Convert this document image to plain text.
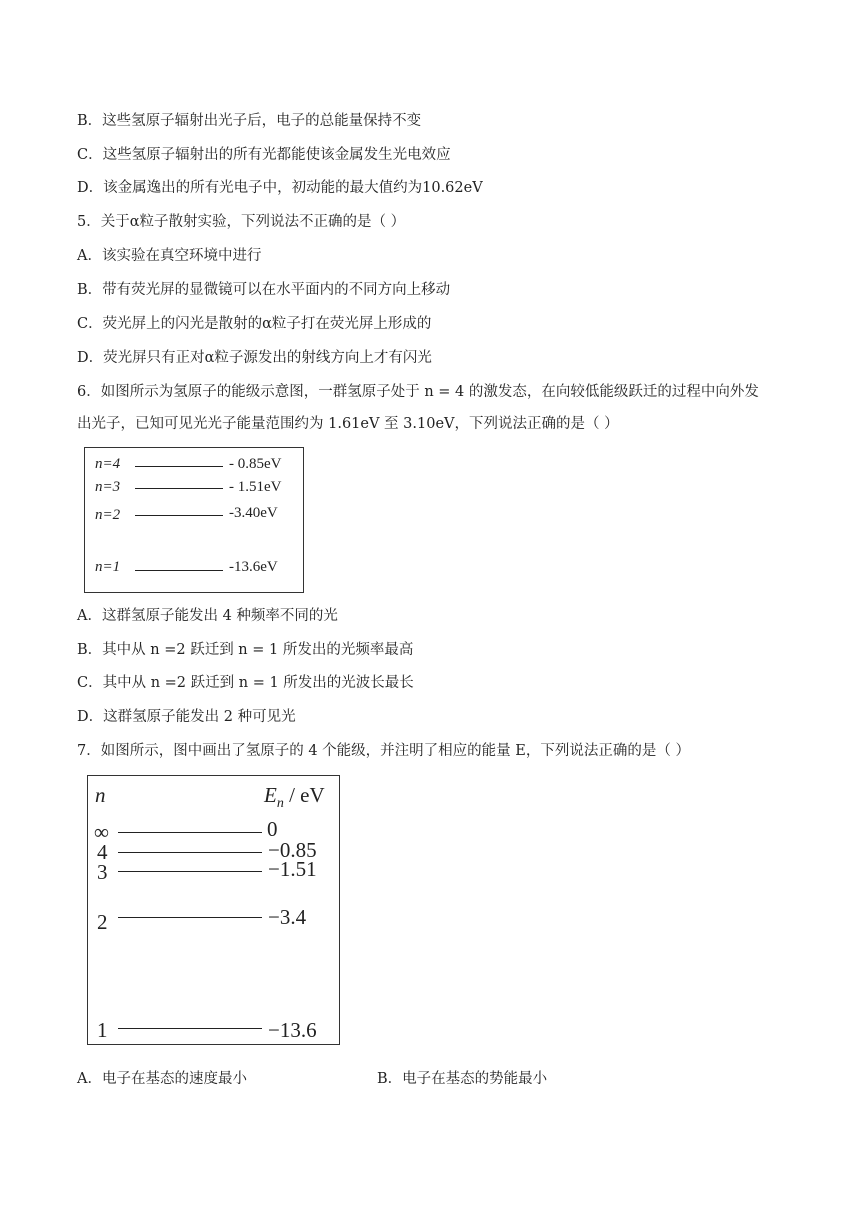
B．这些氢原子辐射出光子后，电子的总能量保持不变
C．这些氢原子辐射出的所有光都能使该金属发生光电效应
D．该金属逸出的所有光电子中，初动能的最大值约为10.62eV
5．关于α粒子散射实验，下列说法不正确的是（ ）
A．该实验在真空环境中进行
B．带有荧光屏的显微镜可以在水平面内的不同方向上移动
C．荧光屏上的闪光是散射的α粒子打在荧光屏上形成的
D．荧光屏只有正对α粒子源发出的射线方向上才有闪光
6．如图所示为氢原子的能级示意图，一群氢原子处于 n = 4 的激发态，在向较低能级跃迁的过程中向外发
出光子，已知可见光光子能量范围约为 1.61eV 至 3.10eV，下列说法正确的是（ ）
n=4	- 0.85eV
n=3	- 1.51eV
n=2	-3.40eV
n=1	-13.6eV
A．这群氢原子能发出 4 种频率不同的光
B．其中从 n =2 跃迁到 n = 1 所发出的光频率最高
C．其中从 n =2 跃迁到 n = 1 所发出的光波长最长
D．这群氢原子能发出 2 种可见光
7．如图所示，图中画出了氢原子的 4 个能级，并注明了相应的能量 E，下列说法正确的是（ ）
n	$E_n$ / eV
∞	0
4	−0.85
3	−1.51
2	−3.4
1	−13.6
A．电子在基态的速度最小	B．电子在基态的势能最小
